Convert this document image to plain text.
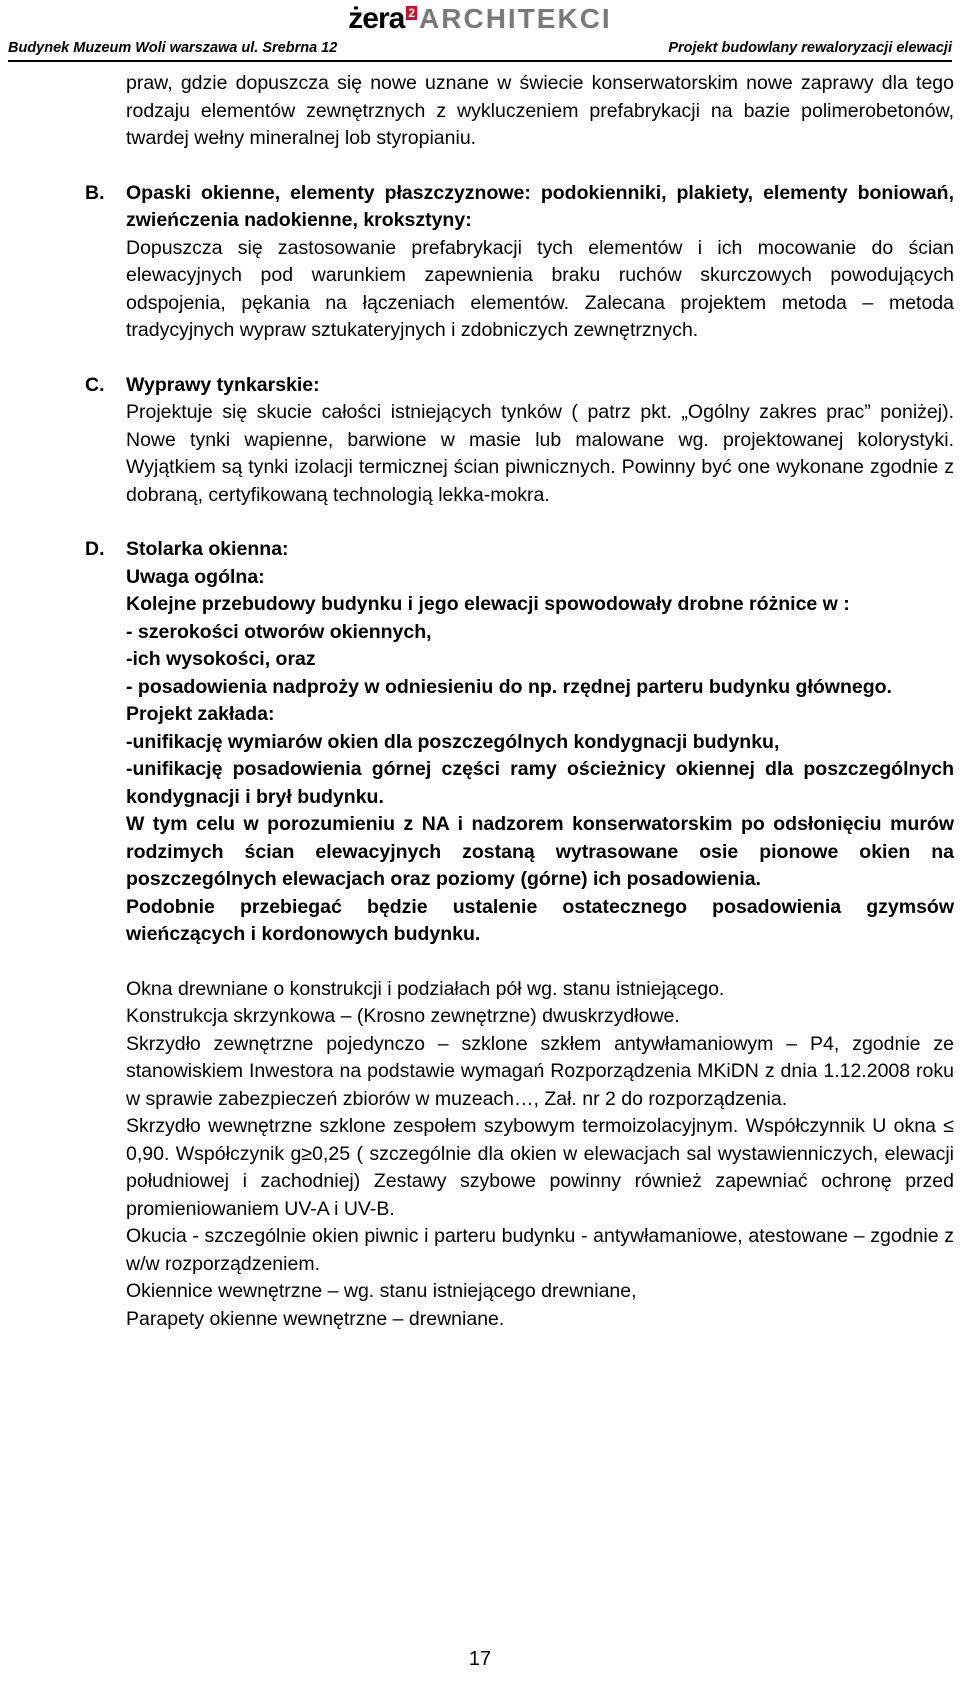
żera 2 ARCHITEKCI
Budynek Muzeum Woli warszawa ul. Srebrna 12	Projekt budowlany rewaloryzacji elewacji

praw, gdzie dopuszcza się nowe uznane w świecie konserwatorskim nowe zaprawy dla tego rodzaju elementów zewnętrznych z wykluczeniem prefabrykacji na bazie polimerobetonów, twardej wełny mineralnej lob styropianiu.

B. Opaski okienne, elementy płaszczyznowe: podokienniki, plakiety, elementy boniowań, zwieńczenia nadokienne, kroksztyny:

Dopuszcza się zastosowanie prefabrykacji tych elementów i ich mocowanie do ścian elewacyjnych pod warunkiem zapewnienia braku ruchów skurczowych powodujących odspojenia, pękania na łączeniach elementów. Zalecana projektem metoda – metoda tradycyjnych wypraw sztukateryjnych i zdobniczych zewnętrznych.

C. Wyprawy tynkarskie:

Projektuje się skucie całości istniejących tynków ( patrz pkt. „Ogólny zakres prac” poniżej). Nowe tynki wapienne, barwione w masie lub malowane wg. projektowanej kolorystyki. Wyjątkiem są tynki izolacji termicznej ścian piwnicznych. Powinny być one wykonane zgodnie z dobraną, certyfikowaną technologią lekka-mokra.

D. Stolarka okienna:

Uwaga ogólna:

Kolejne przebudowy budynku i jego elewacji spowodowały drobne różnice w :

- szerokości otworów okiennych,

-ich wysokości, oraz

- posadowienia nadproży w odniesieniu do np. rzędnej parteru budynku głównego.

Projekt zakłada:

-unifikację wymiarów okien dla poszczególnych kondygnacji budynku,

-unifikację posadowienia górnej części ramy ościeżnicy okiennej dla poszczególnych kondygnacji i brył budynku.

W tym celu w porozumieniu z NA i nadzorem konserwatorskim po odsłonięciu murów rodzimych ścian elewacyjnych zostaną wytrasowane osie pionowe okien na poszczególnych elewacjach oraz poziomy (górne) ich posadowienia.

Podobnie przebiegać będzie ustalenie ostatecznego posadowienia gzymsów wieńczących i kordonowych budynku.

Okna drewniane o konstrukcji i podziałach pół wg. stanu istniejącego.

Konstrukcja skrzynkowa – (Krosno zewnętrzne) dwuskrzydłowe.

Skrzydło zewnętrzne pojedynczo – szklone szkłem antywłamaniowym – P4, zgodnie ze stanowiskiem Inwestora na podstawie wymagań Rozporządzenia MKiDN z dnia 1.12.2008 roku w sprawie zabezpieczeń zbiorów w muzeach…, Zał. nr 2 do rozporządzenia.

Skrzydło wewnętrzne szklone zespołem szybowym termoizolacyjnym. Współczynnik U okna ≤ 0,90. Współczynik g≥0,25 ( szczególnie dla okien w elewacjach sal wystawienniczych, elewacji południowej i zachodniej) Zestawy szybowe powinny również zapewniać ochronę przed promieniowaniem UV-A i UV-B.

Okucia - szczególnie okien piwnic i parteru budynku - antywłamaniowe, atestowane – zgodnie z w/w rozporządzeniem.

Okiennice wewnętrzne – wg. stanu istniejącego drewniane,

Parapety okienne wewnętrzne – drewniane.

17
